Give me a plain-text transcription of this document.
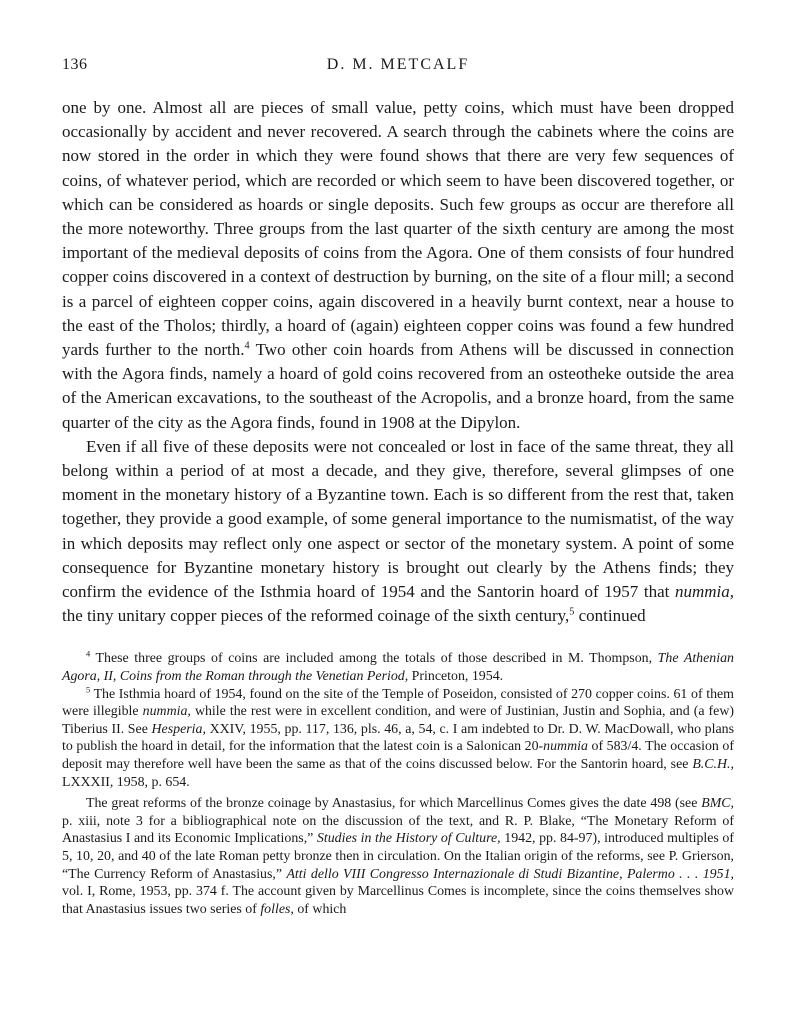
136	D. M. METCALF

one by one. Almost all are pieces of small value, petty coins, which must have been dropped occasionally by accident and never recovered. A search through the cabinets where the coins are now stored in the order in which they were found shows that there are very few sequences of coins, of whatever period, which are recorded or which seem to have been discovered together, or which can be considered as hoards or single deposits. Such few groups as occur are therefore all the more noteworthy. Three groups from the last quarter of the sixth century are among the most important of the medieval deposits of coins from the Agora. One of them consists of four hundred copper coins discovered in a context of destruction by burning, on the site of a flour mill; a second is a parcel of eighteen copper coins, again discovered in a heavily burnt context, near a house to the east of the Tholos; thirdly, a hoard of (again) eighteen copper coins was found a few hundred yards further to the north.$^4$ Two other coin hoards from Athens will be discussed in connection with the Agora finds, namely a hoard of gold coins recovered from an osteotheke outside the area of the American excavations, to the southeast of the Acropolis, and a bronze hoard, from the same quarter of the city as the Agora finds, found in 1908 at the Dipylon.

Even if all five of these deposits were not concealed or lost in face of the same threat, they all belong within a period of at most a decade, and they give, therefore, several glimpses of one moment in the monetary history of a Byzantine town. Each is so different from the rest that, taken together, they provide a good example, of some general importance to the numismatist, of the way in which deposits may reflect only one aspect or sector of the monetary system. A point of some consequence for Byzantine monetary history is brought out clearly by the Athens finds; they confirm the evidence of the Isthmia hoard of 1954 and the Santorin hoard of 1957 that nummia, the tiny unitary copper pieces of the reformed coinage of the sixth century,$^5$ continued

$^4$ These three groups of coins are included among the totals of those described in M. Thompson, The Athenian Agora, II, Coins from the Roman through the Venetian Period, Princeton, 1954.

$^5$ The Isthmia hoard of 1954, found on the site of the Temple of Poseidon, consisted of 270 copper coins. 61 of them were illegible nummia, while the rest were in excellent condition, and were of Justinian, Justin and Sophia, and (a few) Tiberius II. See Hesperia, XXIV, 1955, pp. 117, 136, pls. 46, a, 54, c. I am indebted to Dr. D. W. MacDowall, who plans to publish the hoard in detail, for the information that the latest coin is a Salonican 20-nummia of 583/4. The occasion of deposit may therefore well have been the same as that of the coins discussed below. For the Santorin hoard, see B.C.H., LXXXII, 1958, p. 654.

The great reforms of the bronze coinage by Anastasius, for which Marcellinus Comes gives the date 498 (see BMC, p. xiii, note 3 for a bibliographical note on the discussion of the text, and R. P. Blake, “The Monetary Reform of Anastasius I and its Economic Implications,” Studies in the History of Culture, 1942, pp. 84-97), introduced multiples of 5, 10, 20, and 40 of the late Roman petty bronze then in circulation. On the Italian origin of the reforms, see P. Grierson, “The Currency Reform of Anastasius,” Atti dello VIII Congresso Internazionale di Studi Bizantine, Palermo . . . 1951, vol. I, Rome, 1953, pp. 374 f. The account given by Marcellinus Comes is incomplete, since the coins themselves show that Anastasius issues two series of folles, of which
